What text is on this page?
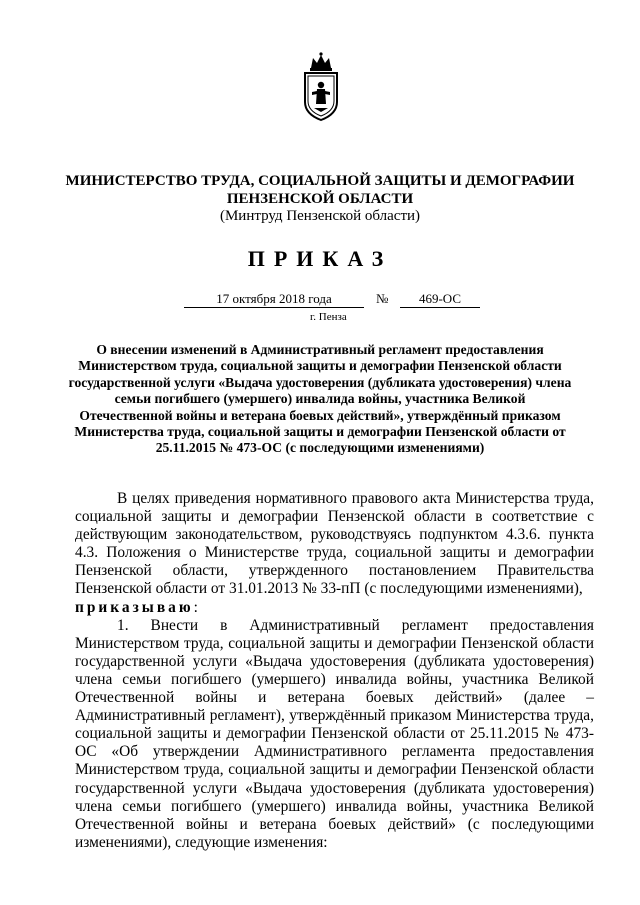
МИНИСТЕРСТВО ТРУДА, СОЦИАЛЬНОЙ ЗАЩИТЫ И ДЕМОГРАФИИ
ПЕНЗЕНСКОЙ ОБЛАСТИ
(Минтруд Пензенской области)
ПРИКАЗ
17 октября 2018 года	№	469-ОС
г. Пенза
О внесении изменений в Административный регламент предоставления Министерством труда, социальной защиты и демографии Пензенской области государственной услуги «Выдача удостоверения (дубликата удостоверения) члена семьи погибшего (умершего) инвалида войны, участника Великой Отечественной войны и ветерана боевых действий», утверждённый приказом Министерства труда, социальной защиты и демографии Пензенской области от 25.11.2015 № 473-ОС (с последующими изменениями)

В целях приведения нормативного правового акта Министерства труда, социальной защиты и демографии Пензенской области в соответствие с действующим законодательством, руководствуясь подпунктом 4.3.6. пункта 4.3. Положения о Министерстве труда, социальной защиты и демографии Пензенской области, утвержденного постановлением Правительства Пензенской области от 31.01.2013 № 33-пП (с последующими изменениями),
приказываю:

1. Внести в Административный регламент предоставления Министерством труда, социальной защиты и демографии Пензенской области государственной услуги «Выдача удостоверения (дубликата удостоверения) члена семьи погибшего (умершего) инвалида войны, участника Великой Отечественной войны и ветерана боевых действий» (далее – Административный регламент), утверждённый приказом Министерства труда, социальной защиты и демографии Пензенской области от 25.11.2015 № 473-ОС «Об утверждении Административного регламента предоставления Министерством труда, социальной защиты и демографии Пензенской области государственной услуги «Выдача удостоверения (дубликата удостоверения) члена семьи погибшего (умершего) инвалида войны, участника Великой Отечественной войны и ветерана боевых действий» (с последующими изменениями), следующие изменения:
